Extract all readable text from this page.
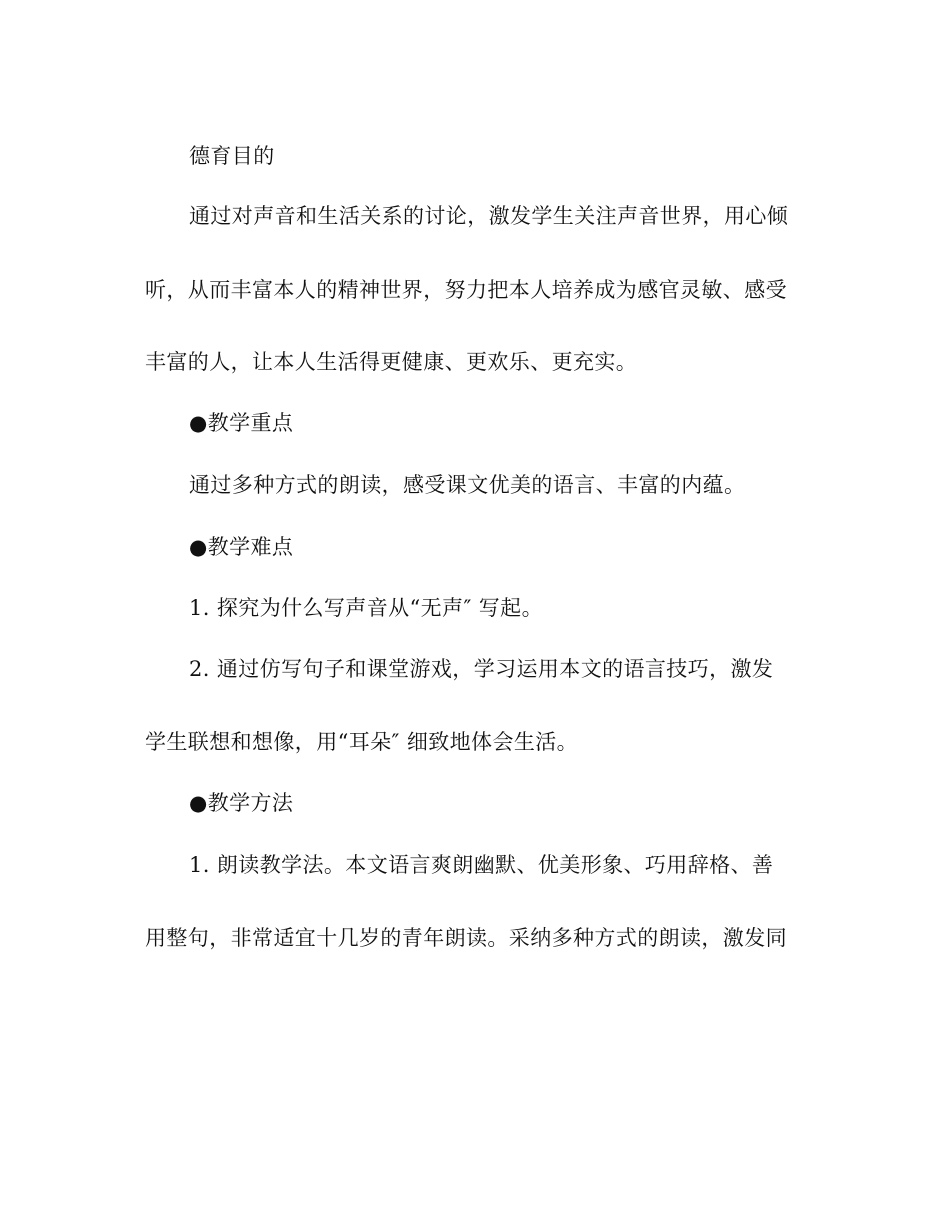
德育目的
通过对声音和生活关系的讨论，激发学生关注声音世界，用心倾
听，从而丰富本人的精神世界，努力把本人培养成为感官灵敏、感受
丰富的人，让本人生活得更健康、更欢乐、更充实。
●教学重点
通过多种方式的朗读，感受课文优美的语言、丰富的内蕴。
●教学难点
1. 探究为什么写声音从“无声″ 写起。
2. 通过仿写句子和课堂游戏，学习运用本文的语言技巧，激发
学生联想和想像，用“耳朵″ 细致地体会生活。
●教学方法
1. 朗读教学法。本文语言爽朗幽默、优美形象、巧用辞格、善
用整句，非常适宜十几岁的青年朗读。采纳多种方式的朗读，激发同
